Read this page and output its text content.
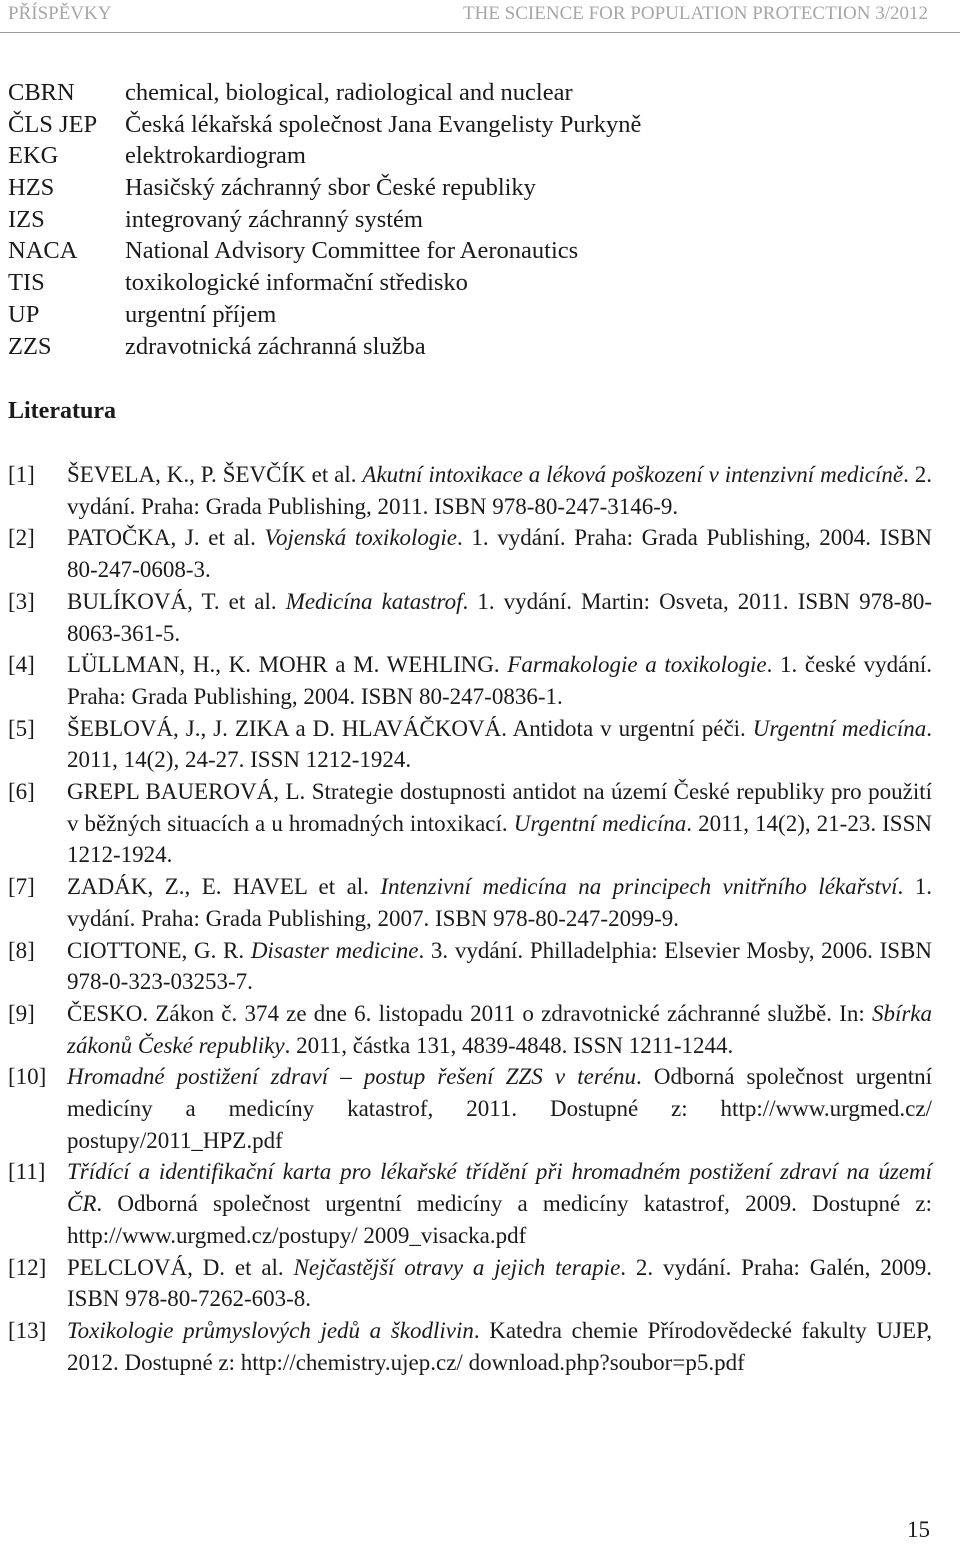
PŘÍSPĚVKY	THE SCIENCE FOR POPULATION PROTECTION 3/2012
CBRN	chemical, biological, radiological and nuclear
ČLS JEP	Česká lékařská společnost Jana Evangelisty Purkyně
EKG	elektrokardiogram
HZS	Hasičský záchranný sbor České republiky
IZS	integrovaný záchranný systém
NACA	National Advisory Committee for Aeronautics
TIS	toxikologické informační středisko
UP	urgentní příjem
ZZS	zdravotnická záchranná služba
Literatura
[1] ŠEVELA, K., P. ŠEVČÍK et al. Akutní intoxikace a léková poškození v intenzivní medicíně. 2. vydání. Praha: Grada Publishing, 2011. ISBN 978-80-247-3146-9.
[2] PATOČKA, J. et al. Vojenská toxikologie. 1. vydání. Praha: Grada Publishing, 2004. ISBN 80-247-0608-3.
[3] BULÍKOVÁ, T. et al. Medicína katastrof. 1. vydání. Martin: Osveta, 2011. ISBN 978-80-8063-361-5.
[4] LÜLLMAN, H., K. MOHR a M. WEHLING. Farmakologie a toxikologie. 1. české vydání. Praha: Grada Publishing, 2004. ISBN 80-247-0836-1.
[5] ŠEBLOVÁ, J., J. ZIKA a D. HLAVÁČKOVÁ. Antidota v urgentní péči. Urgentní medicína. 2011, 14(2), 24-27. ISSN 1212-1924.
[6] GREPL BAUEROVÁ, L. Strategie dostupnosti antidot na území České republiky pro použití v běžných situacích a u hromadných intoxikací. Urgentní medicína. 2011, 14(2), 21-23. ISSN 1212-1924.
[7] ZADÁK, Z., E. HAVEL et al. Intenzivní medicína na principech vnitřního lékařství. 1. vydání. Praha: Grada Publishing, 2007. ISBN 978-80-247-2099-9.
[8] CIOTTONE, G. R. Disaster medicine. 3. vydání. Philladelphia: Elsevier Mosby, 2006. ISBN 978-0-323-03253-7.
[9] ČESKO. Zákon č. 374 ze dne 6. listopadu 2011 o zdravotnické záchranné službě. In: Sbírka zákonů České republiky. 2011, částka 131, 4839-4848. ISSN 1211-1244.
[10] Hromadné postižení zdraví – postup řešení ZZS v terénu. Odborná společnost urgentní medicíny a medicíny katastrof, 2011. Dostupné z: http://www.urgmed.cz/ postupy/2011_HPZ.pdf
[11] Třídící a identifikační karta pro lékařské třídění při hromadném postižení zdraví na území ČR. Odborná společnost urgentní medicíny a medicíny katastrof, 2009. Dostupné z: http://www.urgmed.cz/postupy/ 2009_visacka.pdf
[12] PELCLOVÁ, D. et al. Nejčastější otravy a jejich terapie. 2. vydání. Praha: Galén, 2009. ISBN 978-80-7262-603-8.
[13] Toxikologie průmyslových jedů a škodlivin. Katedra chemie Přírodovědecké fakulty UJEP, 2012. Dostupné z: http://chemistry.ujep.cz/ download.php?soubor=p5.pdf
15
